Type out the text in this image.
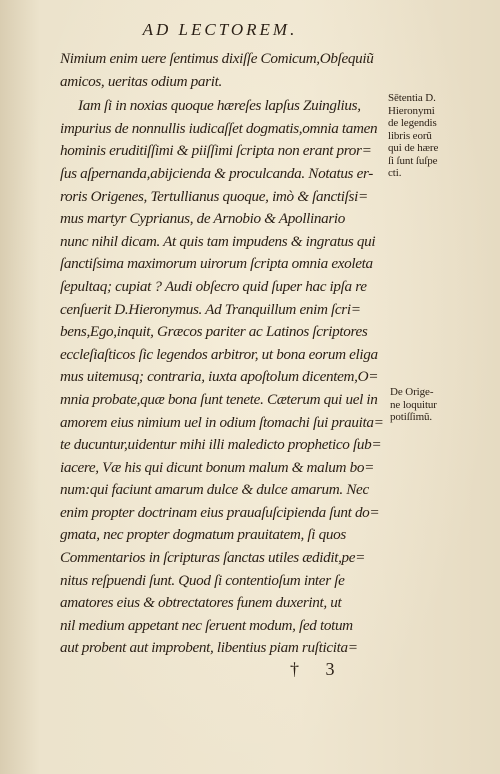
AD LECTOREM.
Nimium enim uere ſentimus dixiſſe Comicum,Obſequiũ
amicos, ueritas odium parit.
Iam ſi in noxias quoque hæreſes lapſus Zuinglius,
impurius de nonnullis iudicaſſet dogmatis,omnia tamen
hominis eruditiſſimi & piiſſimi ſcripta non erant pror=
ſus aſpernanda,abijcienda & proculcanda. Notatus er-
roris Origenes, Tertullianus quoque, imò & ſanctiſsi=
mus martyr Cyprianus, de Arnobio & Apollinario
nunc nihil dicam. At quis tam impudens & ingratus qui
ſanctiſsima maximorum uirorum ſcripta omnia exoleta
ſepultaq; cupiat ? Audi obſecro quid ſuper hac ipſa re
cenſuerit D.Hieronymus. Ad Tranquillum enim ſcri=
bens,Ego,inquit, Græcos pariter ac Latinos ſcriptores
eccleſiaſticos ſic legendos arbitror, ut bona eorum eliga
mus uitemusq; contraria, iuxta apoſtolum dicentem,O=
mnia probate,quæ bona ſunt tenete. Cæterum qui uel in
amorem eius nimium uel in odium ſtomachi ſui prauita=
te ducuntur,uidentur mihi illi maledicto prophetico ſub=
iacere, Væ his qui dicunt bonum malum & malum bo=
num:qui faciunt amarum dulce & dulce amarum. Nec
enim propter doctrinam eius prauaſuſcipienda ſunt do=
gmata, nec propter dogmatum prauitatem, ſi quos
Commentarios in ſcripturas ſanctas utiles ædidit,pe=
nitus reſpuendi ſunt. Quod ſi contentioſum inter ſe
amatores eius & obtrectatores funem duxerint, ut
nil medium appetant nec ſeruent modum, ſed totum
aut probent aut improbent, libentius piam ruſticita=
Sētentia D.
Hieronymi
de legendis
libris eorũ
qui de hære
ſi ſunt ſuſpe
cti.
De Orige-
ne loquitur
potiſſimũ.
† 3
